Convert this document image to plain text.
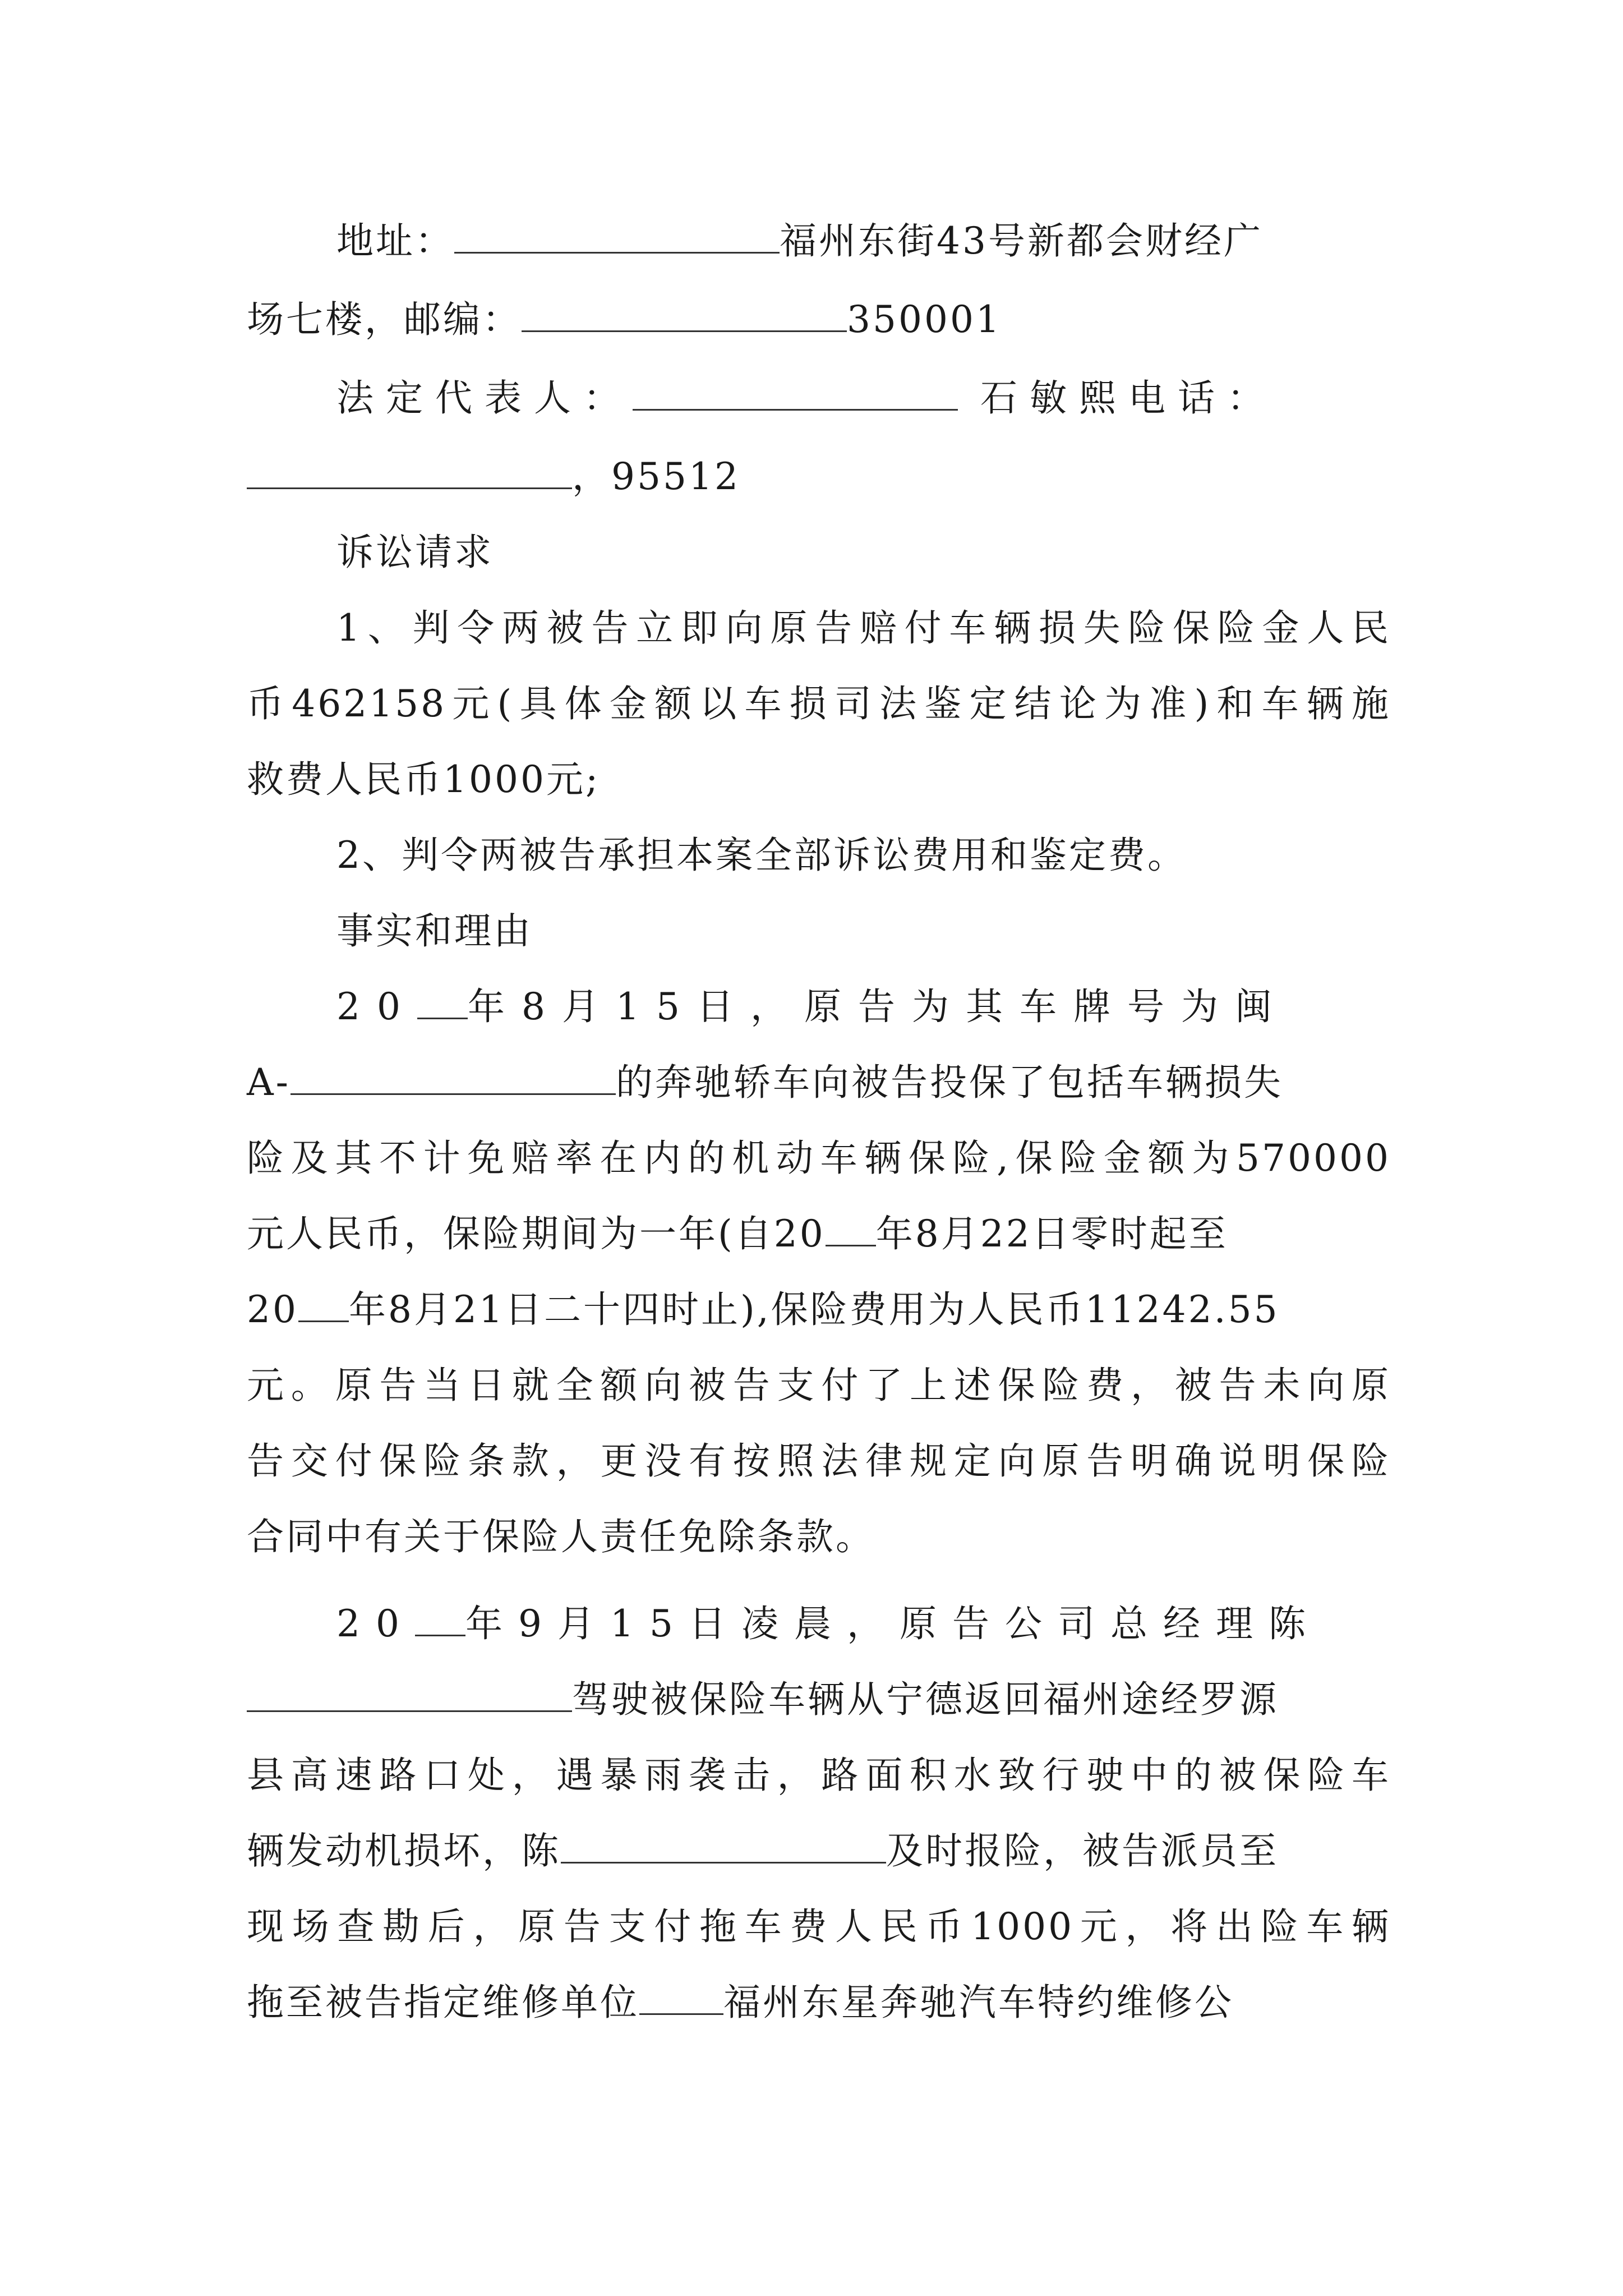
地址：	福州东街43号新都会财经广
场七楼，邮编：	350001
法定代表人：	石敏熙电话：
，95512
诉讼请求
1、判令两被告立即向原告赔付车辆损失险保险金人民
币462158元(具体金额以车损司法鉴定结论为准)和车辆施
救费人民币1000元;
2、判令两被告承担本案全部诉讼费用和鉴定费。
事实和理由
20 年8月15日，原告为其车牌号为闽
A-	的奔驰轿车向被告投保了包括车辆损失
险及其不计免赔率在内的机动车辆保险,保险金额为570000
元人民币，保险期间为一年(自20 年8月22日零时起至
20 年8月21日二十四时止),保险费用为人民币11242.55
元。原告当日就全额向被告支付了上述保险费，被告未向原
告交付保险条款，更没有按照法律规定向原告明确说明保险
合同中有关于保险人责任免除条款。
20 年9月15日凌晨，原告公司总经理陈
驾驶被保险车辆从宁德返回福州途经罗源
县高速路口处，遇暴雨袭击，路面积水致行驶中的被保险车
辆发动机损坏，陈	及时报险，被告派员至
现场查勘后，原告支付拖车费人民币1000元，将出险车辆
拖至被告指定维修单位 福州东星奔驰汽车特约维修公
